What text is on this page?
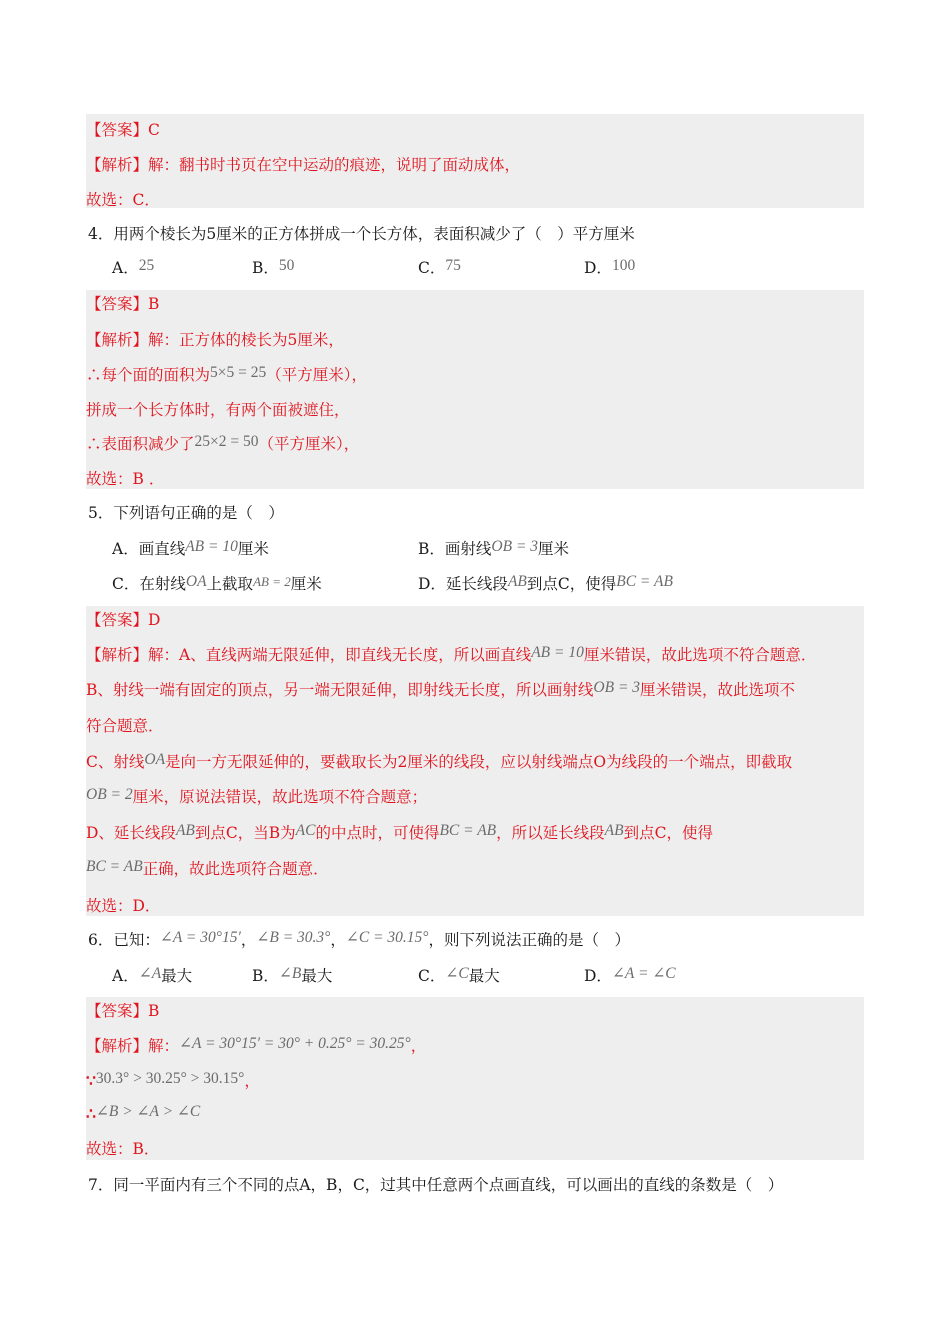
【答案】C
【解析】解：翻书时书页在空中运动的痕迹，说明了面动成体，
故选：C．
4．用两个棱长为5厘米的正方体拼成一个长方体，表面积减少了（　）平方厘米
A．25	B．50	C．75	D．100
【答案】B
【解析】解：正方体的棱长为5厘米，
∴每个面的面积为5×5 = 25（平方厘米），
拼成一个长方体时，有两个面被遮住，
∴表面积减少了25×2 = 50（平方厘米），
故选：B ．
5．下列语句正确的是（　）
A．画直线AB = 10厘米	B．画射线OB = 3厘米
C．在射线OA上截取AB = 2厘米	D．延长线段AB到点C，使得BC = AB
【答案】D
【解析】解：A、直线两端无限延伸，即直线无长度，所以画直线AB = 10厘米错误，故此选项不符合题意．
B、射线一端有固定的顶点，另一端无限延伸，即射线无长度，所以画射线OB = 3厘米错误，故此选项不
符合题意．
C、射线OA是向一方无限延伸的，要截取长为2厘米的线段，应以射线端点O为线段的一个端点，即截取
OB = 2厘米，原说法错误，故此选项不符合题意；
D、延长线段AB到点C，当B为AC的中点时，可使得BC = AB，所以延长线段AB到点C，使得
BC = AB正确，故此选项符合题意．
故选：D．
6．已知：∠A = 30°15′，∠B = 30.3°，∠C = 30.15°，则下列说法正确的是（　）
A．∠A最大	B．∠B最大	C．∠C最大	D．∠A = ∠C
【答案】B
【解析】解：∠A = 30°15′ = 30° + 0.25° = 30.25°，
∵30.3° > 30.25° > 30.15°，
∴∠B > ∠A > ∠C
故选：B．
7．同一平面内有三个不同的点A，B，C，过其中任意两个点画直线，可以画出的直线的条数是（　）
